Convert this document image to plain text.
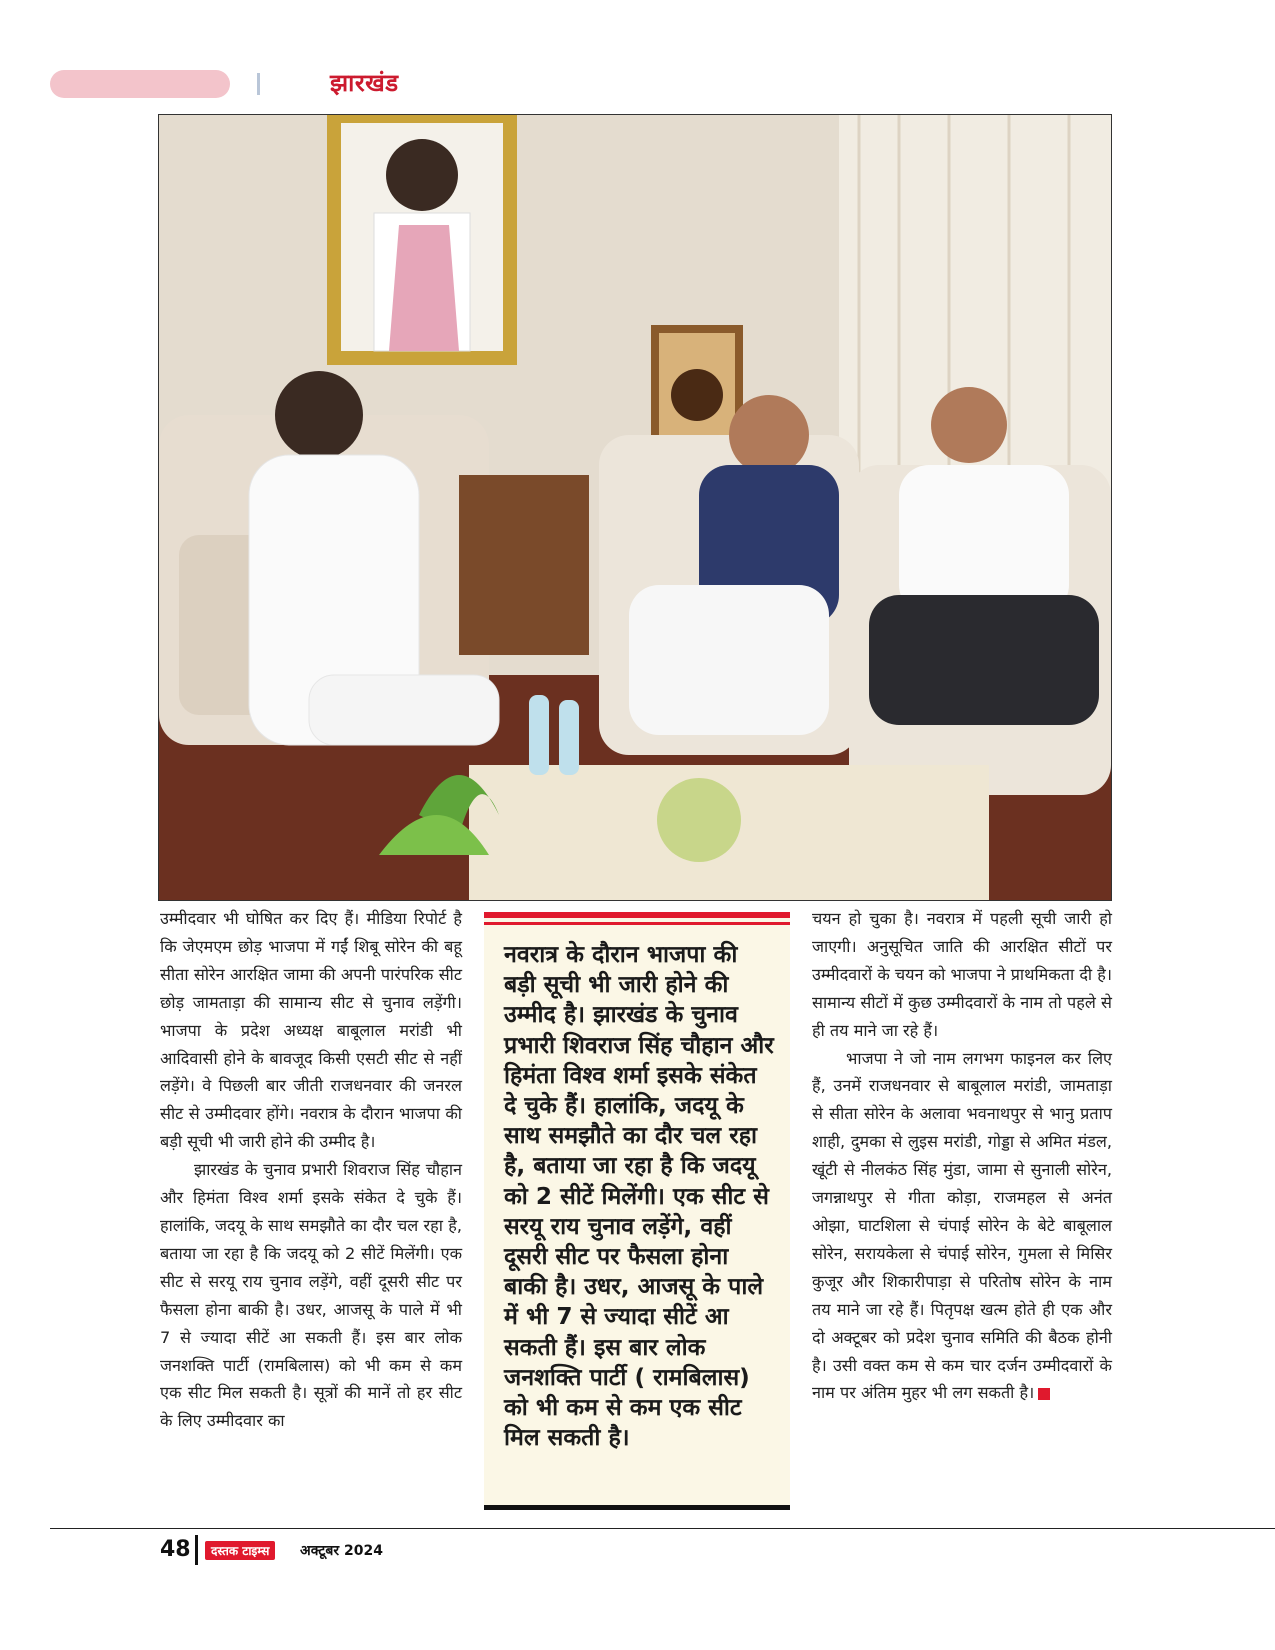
झारखंड

उम्मीदवार भी घोषित कर दिए हैं। मीडिया रिपोर्ट है कि जेएमएम छोड़ भाजपा में गईं शिबू सोरेन की बहू सीता सोरेन आरक्षित जामा की अपनी पारंपरिक सीट छोड़ जामताड़ा की सामान्य सीट से चुनाव लड़ेंगी। भाजपा के प्रदेश अध्यक्ष बाबूलाल मरांडी भी आदिवासी होने के बावजूद किसी एसटी सीट से नहीं लड़ेंगे। वे पिछली बार जीती राजधनवार की जनरल सीट से उम्मीदवार होंगे। नवरात्र के दौरान भाजपा की बड़ी सूची भी जारी होने की उम्मीद है।

झारखंड के चुनाव प्रभारी शिवराज सिंह चौहान और हिमंता विश्व शर्मा इसके संकेत दे चुके हैं। हालांकि, जदयू के साथ समझौते का दौर चल रहा है, बताया जा रहा है कि जदयू को 2 सीटें मिलेंगी। एक सीट से सरयू राय चुनाव लड़ेंगे, वहीं दूसरी सीट पर फैसला होना बाकी है। उधर, आजसू के पाले में भी 7 से ज्यादा सीटें आ सकती हैं। इस बार लोक जनशक्ति पार्टी (रामबिलास) को भी कम से कम एक सीट मिल सकती है। सूत्रों की मानें तो हर सीट के लिए उम्मीदवार का

नवरात्र के दौरान भाजपा की बड़ी सूची भी जारी होने की उम्मीद है। झारखंड के चुनाव प्रभारी शिवराज सिंह चौहान और हिमंता विश्व शर्मा इसके संकेत दे चुके हैं। हालांकि, जदयू के साथ समझौते का दौर चल रहा है, बताया जा रहा है कि जदयू को 2 सीटें मिलेंगी। एक सीट से सरयू राय चुनाव लड़ेंगे, वहीं दूसरी सीट पर फैसला होना बाकी है। उधर, आजसू के पाले में भी 7 से ज्यादा सीटें आ सकती हैं। इस बार लोक जनशक्ति पार्टी ( रामबिलास) को भी कम से कम एक सीट मिल सकती है।

चयन हो चुका है। नवरात्र में पहली सूची जारी हो जाएगी। अनुसूचित जाति की आरक्षित सीटों पर उम्मीदवारों के चयन को भाजपा ने प्राथमिकता दी है। सामान्य सीटों में कुछ उम्मीदवारों के नाम तो पहले से ही तय माने जा रहे हैं।

भाजपा ने जो नाम लगभग फाइनल कर लिए हैं, उनमें राजधनवार से बाबूलाल मरांडी, जामताड़ा से सीता सोरेन के अलावा भवनाथपुर से भानु प्रताप शाही, दुमका से लुइस मरांडी, गोड्डा से अमित मंडल, खूंटी से नीलकंठ सिंह मुंडा, जामा से सुनाली सोरेन, जगन्नाथपुर से गीता कोड़ा, राजमहल से अनंत ओझा, घाटशिला से चंपाई सोरेन के बेटे बाबूलाल सोरेन, सरायकेला से चंपाई सोरेन, गुमला से मिसिर कुजूर और शिकारीपाड़ा से परितोष सोरेन के नाम तय माने जा रहे हैं। पितृपक्ष खत्म होते ही एक और दो अक्टूबर को प्रदेश चुनाव समिति की बैठक होनी है। उसी वक्त कम से कम चार दर्जन उम्मीदवारों के नाम पर अंतिम मुहर भी लग सकती है।

48	दस्तक टाइम्स	अक्टूबर 2024
